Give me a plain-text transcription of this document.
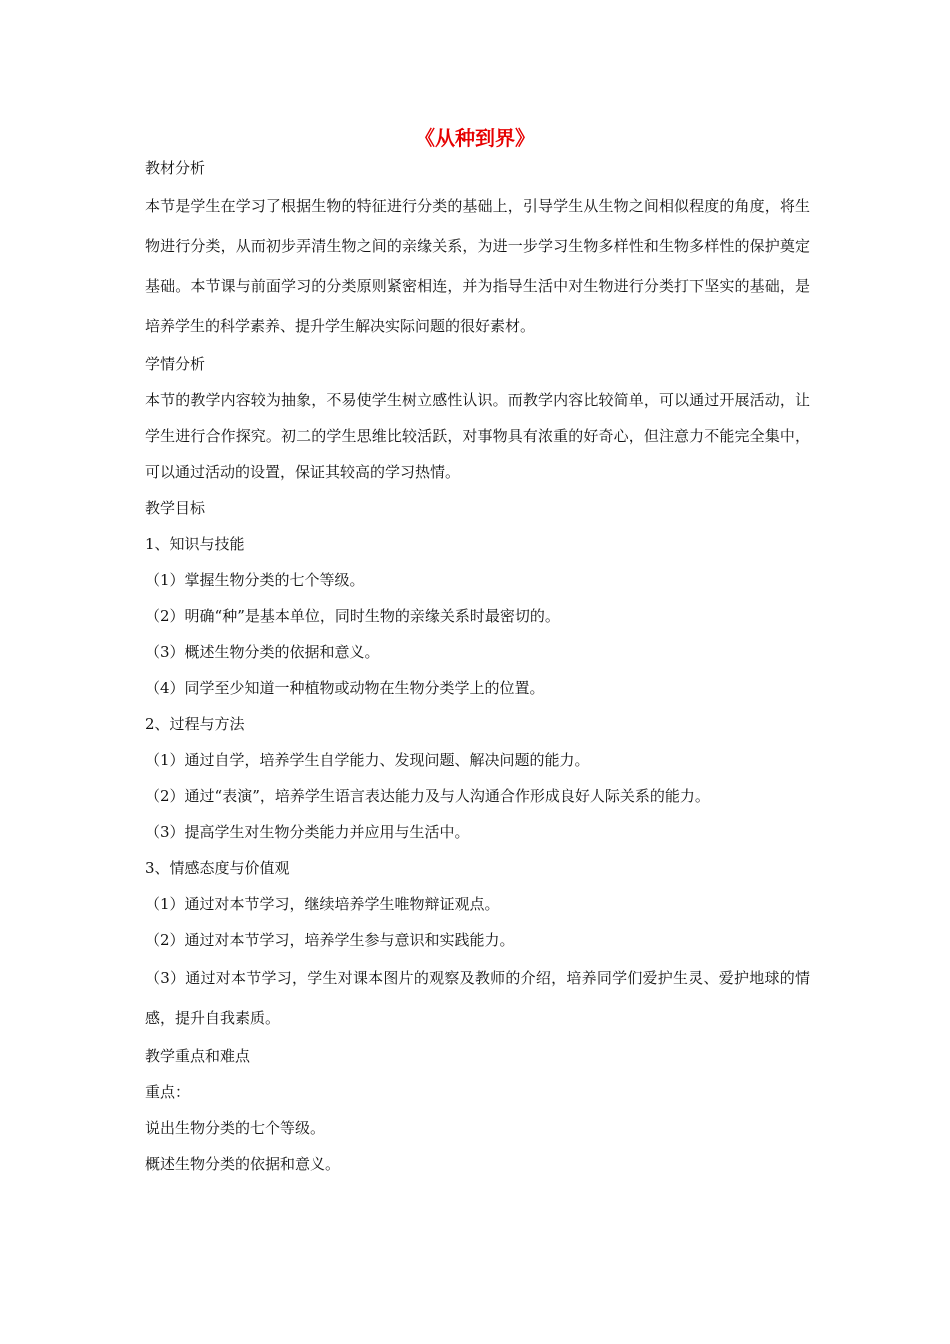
《从种到界》

教材分析

本节是学生在学习了根据生物的特征进行分类的基础上，引导学生从生物之间相似程度的角度，将生物进行分类，从而初步弄清生物之间的亲缘关系，为进一步学习生物多样性和生物多样性的保护奠定基础。本节课与前面学习的分类原则紧密相连，并为指导生活中对生物进行分类打下坚实的基础，是培养学生的科学素养、提升学生解决实际问题的很好素材。

学情分析

本节的教学内容较为抽象，不易使学生树立感性认识。而教学内容比较简单，可以通过开展活动，让学生进行合作探究。初二的学生思维比较活跃，对事物具有浓重的好奇心，但注意力不能完全集中，可以通过活动的设置，保证其较高的学习热情。

教学目标

1、知识与技能

（1）掌握生物分类的七个等级。

（2）明确“种”是基本单位，同时生物的亲缘关系时最密切的。

（3）概述生物分类的依据和意义。

（4）同学至少知道一种植物或动物在生物分类学上的位置。

2、过程与方法

（1）通过自学，培养学生自学能力、发现问题、解决问题的能力。

（2）通过“表演”，培养学生语言表达能力及与人沟通合作形成良好人际关系的能力。

（3）提高学生对生物分类能力并应用与生活中。

3、情感态度与价值观

（1）通过对本节学习，继续培养学生唯物辩证观点。

（2）通过对本节学习，培养学生参与意识和实践能力。

（3）通过对本节学习，学生对课本图片的观察及教师的介绍，培养同学们爱护生灵、爱护地球的情感，提升自我素质。

教学重点和难点

重点：

说出生物分类的七个等级。

概述生物分类的依据和意义。
